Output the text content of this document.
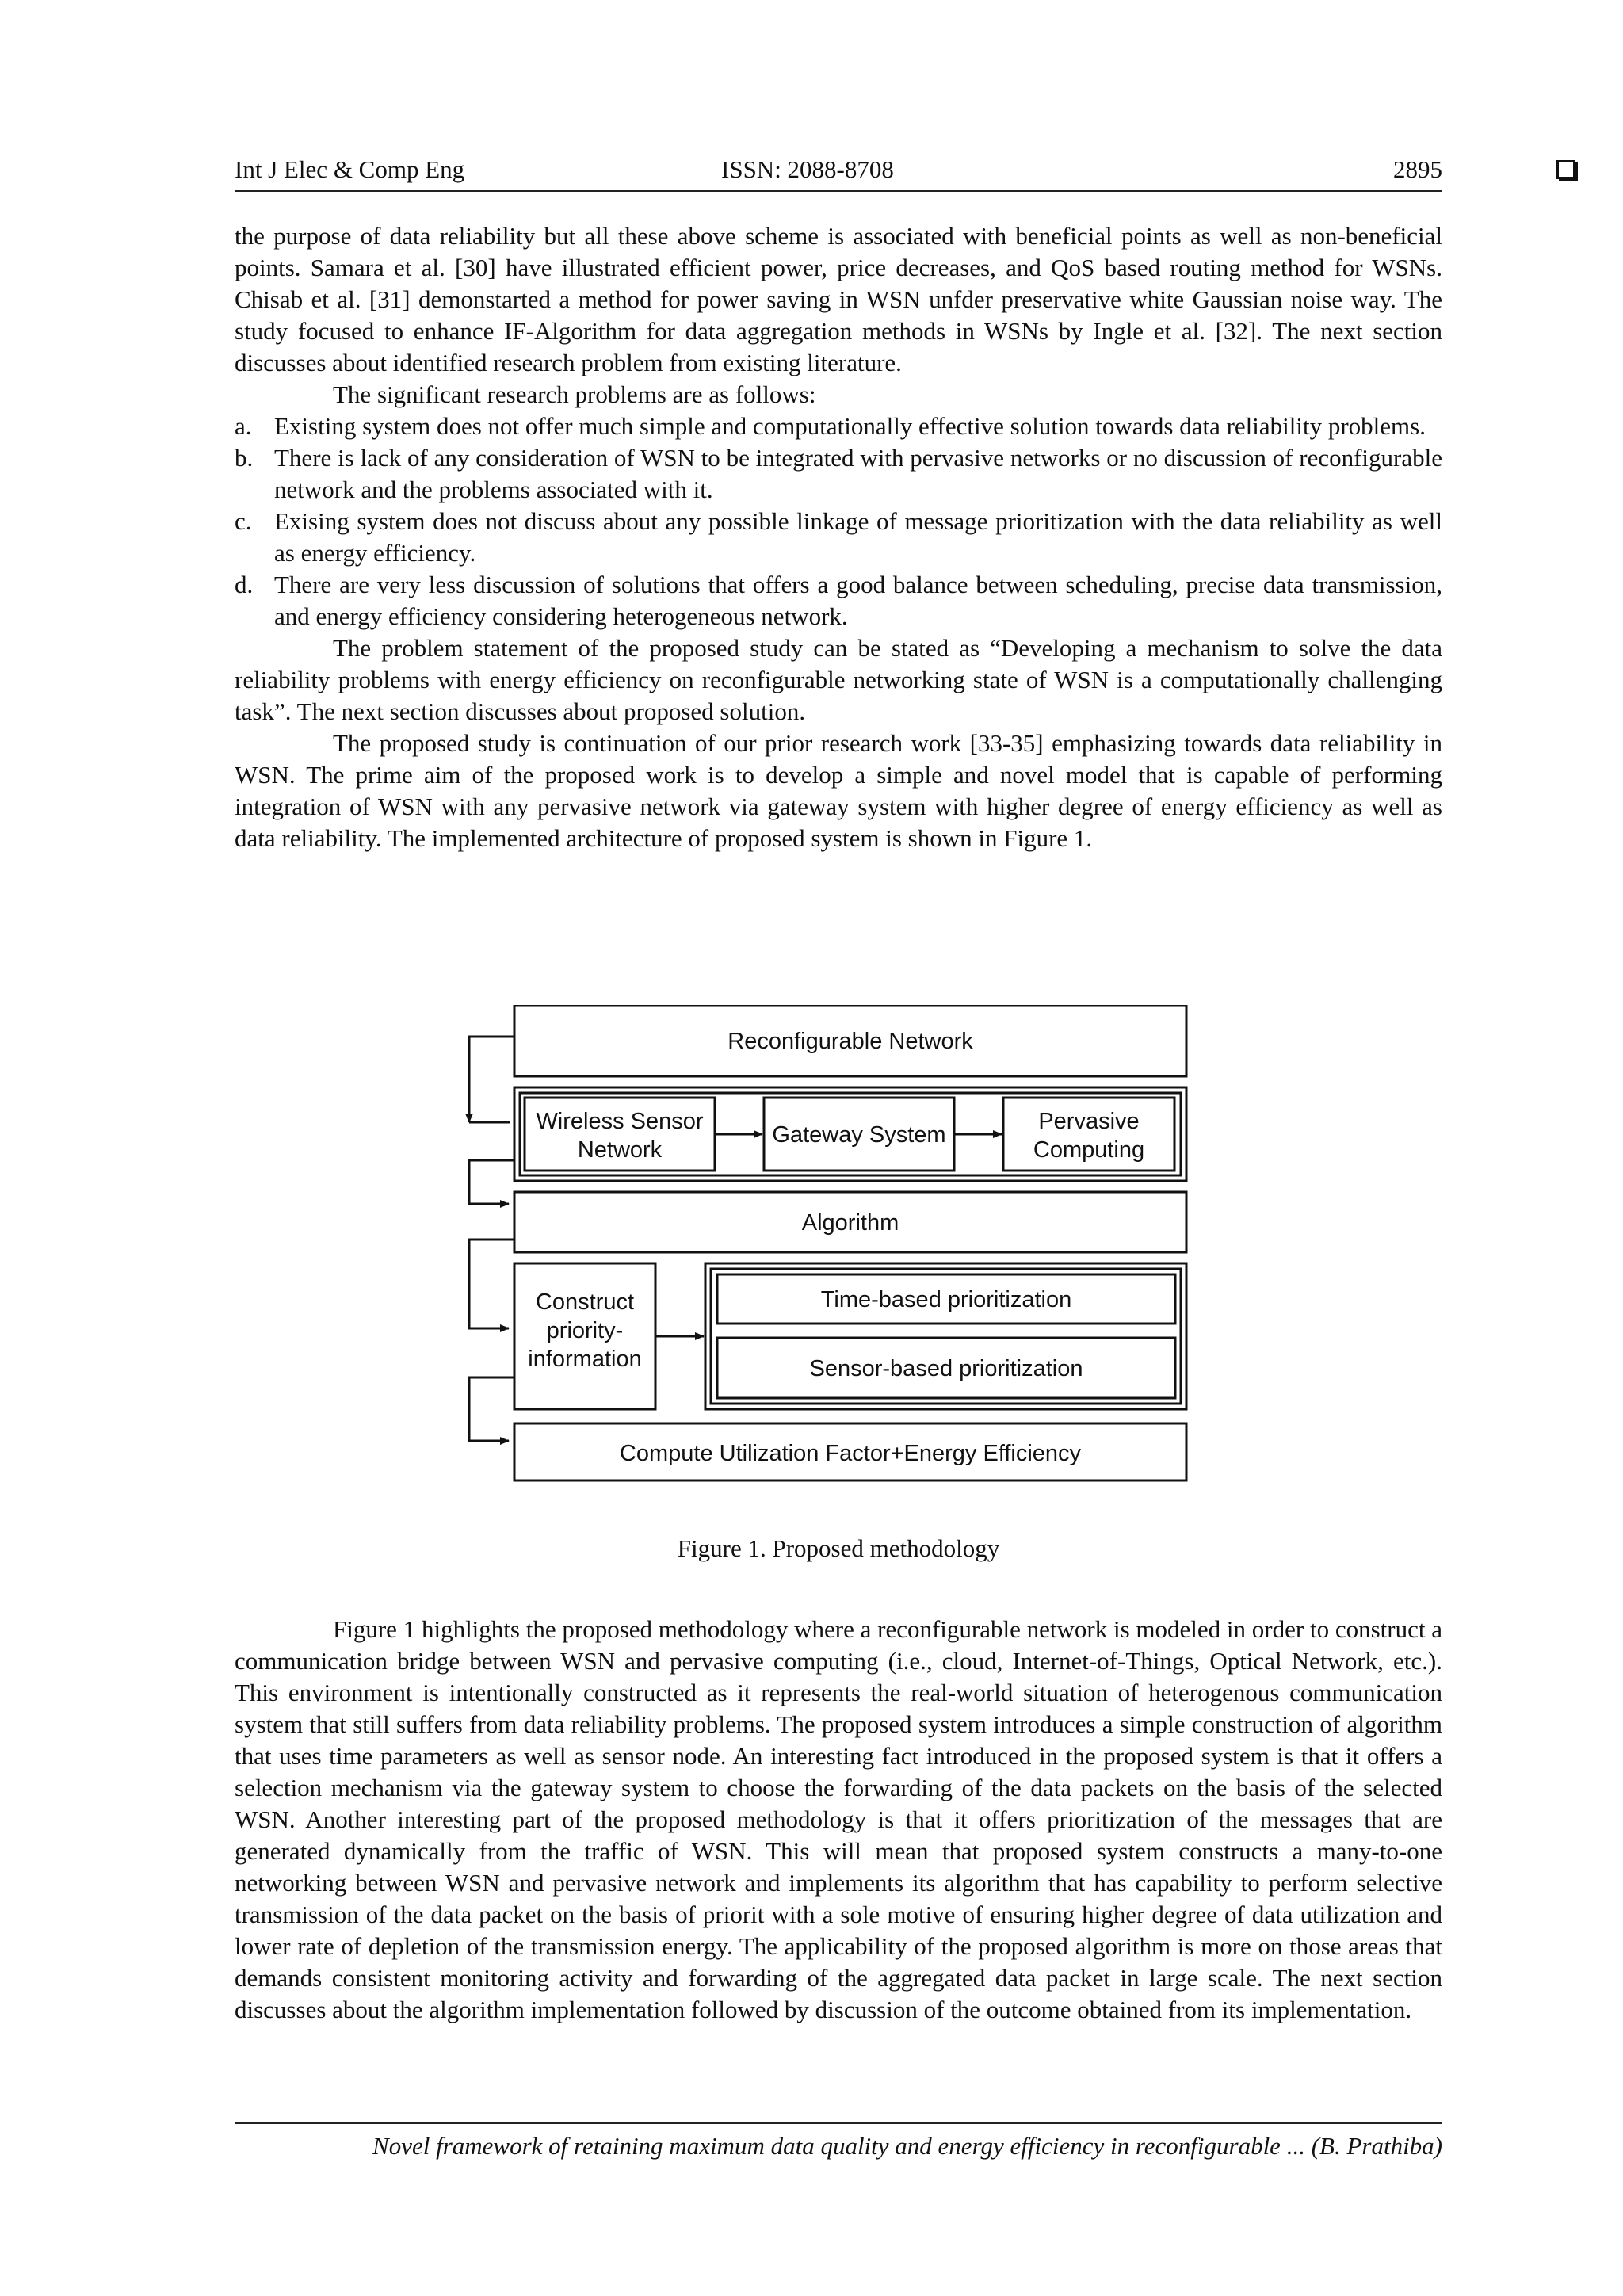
Int J Elec & Comp Eng	ISSN: 2088-8708	2895

the purpose of data reliability but all these above scheme is associated with beneficial points as well as non-beneficial points. Samara et al. [30] have illustrated efficient power, price decreases, and QoS based routing method for WSNs. Chisab et al. [31] demonstarted a method for power saving in WSN unfder preservative white Gaussian noise way. The study focused to enhance IF-Algorithm for data aggregation methods in WSNs by Ingle et al. [32]. The next section discusses about identified research problem from existing literature.

The significant research problems are as follows:

a. Existing system does not offer much simple and computationally effective solution towards data reliability problems.
b. There is lack of any consideration of WSN to be integrated with pervasive networks or no discussion of reconfigurable network and the problems associated with it.
c. Exising system does not discuss about any possible linkage of message prioritization with the data reliability as well as energy efficiency.
d. There are very less discussion of solutions that offers a good balance between scheduling, precise data transmission, and energy efficiency considering heterogeneous network.

The problem statement of the proposed study can be stated as “Developing a mechanism to solve the data reliability problems with energy efficiency on reconfigurable networking state of WSN is a computationally challenging task”. The next section discusses about proposed solution.

The proposed study is continuation of our prior research work [33-35] emphasizing towards data reliability in WSN. The prime aim of the proposed work is to develop a simple and novel model that is capable of performing integration of WSN with any pervasive network via gateway system with higher degree of energy efficiency as well as data reliability. The implemented architecture of proposed system is shown in Figure 1.

Reconfigurable Network
Wireless Sensor
Network
Gateway System
Pervasive
Computing
Algorithm
Construct
priority-
information
Time-based prioritization
Sensor-based prioritization
Compute Utilization Factor+Energy Efficiency
Figure 1. Proposed methodology

Figure 1 highlights the proposed methodology where a reconfigurable network is modeled in order to construct a communication bridge between WSN and pervasive computing (i.e., cloud, Internet-of-Things, Optical Network, etc.). This environment is intentionally constructed as it represents the real-world situation of heterogenous communication system that still suffers from data reliability problems. The proposed system introduces a simple construction of algorithm that uses time parameters as well as sensor node. An interesting fact introduced in the proposed system is that it offers a selection mechanism via the gateway system to choose the forwarding of the data packets on the basis of the selected WSN. Another interesting part of the proposed methodology is that it offers prioritization of the messages that are generated dynamically from the traffic of WSN. This will mean that proposed system constructs a many-to-one networking between WSN and pervasive network and implements its algorithm that has capability to perform selective transmission of the data packet on the basis of priorit with a sole motive of ensuring higher degree of data utilization and lower rate of depletion of the transmission energy. The applicability of the proposed algorithm is more on those areas that demands consistent monitoring activity and forwarding of the aggregated data packet in large scale. The next section discusses about the algorithm implementation followed by discussion of the outcome obtained from its implementation.

Novel framework of retaining maximum data quality and energy efficiency in reconfigurable ... (B. Prathiba)
